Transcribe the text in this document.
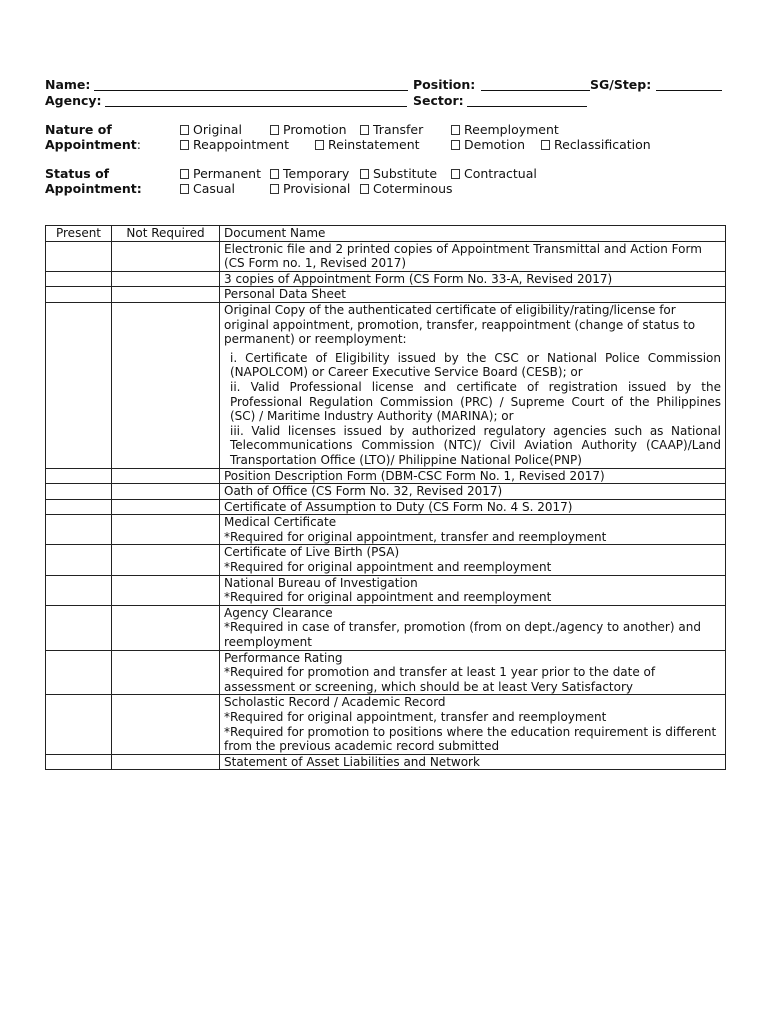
Name:	Position:	SG/Step:
Agency:	Sector:
Nature of	Original	Promotion	Transfer	Reemployment
Appointment:	Reappointment	Reinstatement	Demotion	Reclassification
Status of	Permanent	Temporary	Substitute	Contractual
Appointment:	Casual	Provisional	Coterminous
Present	Not Required	Document Name

		Electronic file and 2 printed copies of Appointment Transmittal and Action Form (CS Form no. 1, Revised 2017)

		3 copies of Appointment Form (CS Form No. 33-A, Revised 2017)

		Personal Data Sheet

		Original Copy of the authenticated certificate of eligibility/rating/license for original appointment, promotion, transfer, reappointment (change of status to permanent) or reemployment:
i. Certificate of Eligibility issued by the CSC or National Police Commission (NAPOLCOM) or Career Executive Service Board (CESB); or
ii. Valid Professional license and certificate of registration issued by the Professional Regulation Commission (PRC) / Supreme Court of the Philippines (SC) / Maritime Industry Authority (MARINA); or
iii. Valid licenses issued by authorized regulatory agencies such as National Telecommunications Commission (NTC)/ Civil Aviation Authority (CAAP)/Land Transportation Office (LTO)/ Philippine National Police(PNP)

		Position Description Form (DBM-CSC Form No. 1, Revised 2017)

		Oath of Office (CS Form No. 32, Revised 2017)

		Certificate of Assumption to Duty (CS Form No. 4 S. 2017)

		Medical Certificate
*Required for original appointment, transfer and reemployment

		Certificate of Live Birth (PSA)
*Required for original appointment and reemployment

		National Bureau of Investigation
*Required for original appointment and reemployment

		Agency Clearance
*Required in case of transfer, promotion (from on dept./agency to another) and reemployment

		Performance Rating
*Required for promotion and transfer at least 1 year prior to the date of assessment or screening, which should be at least Very Satisfactory

		Scholastic Record / Academic Record
*Required for original appointment, transfer and reemployment
*Required for promotion to positions where the education requirement is different from the previous academic record submitted

		Statement of Asset Liabilities and Network
